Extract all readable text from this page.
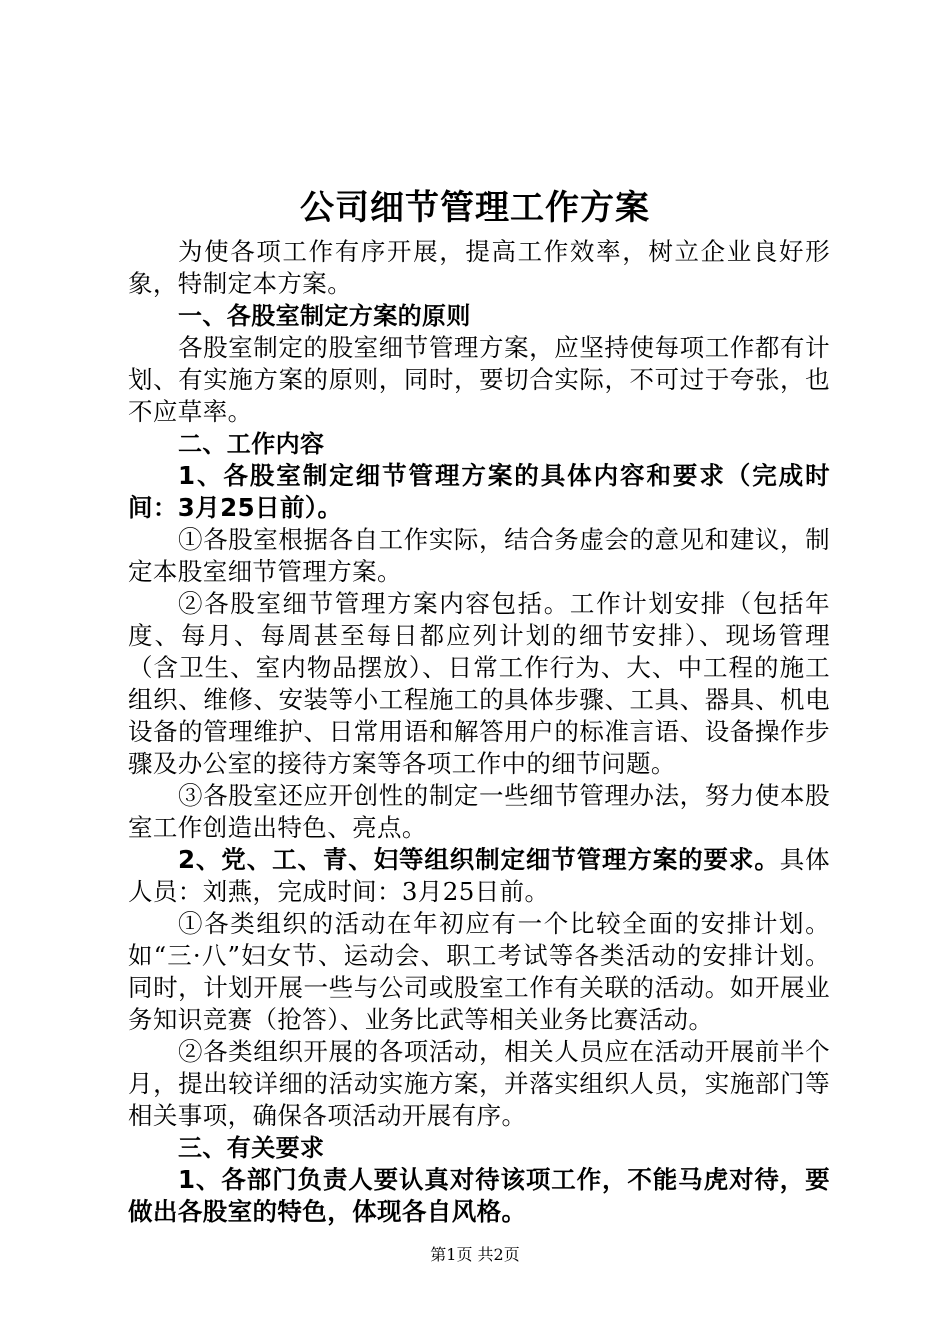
公司细节管理工作方案

为使各项工作有序开展，提高工作效率，树立企业良好形象，特制定本方案。

一、各股室制定方案的原则

各股室制定的股室细节管理方案，应坚持使每项工作都有计划、有实施方案的原则，同时，要切合实际，不可过于夸张，也不应草率。

二、工作内容

1、各股室制定细节管理方案的具体内容和要求（完成时间：3月25日前）。

①各股室根据各自工作实际，结合务虚会的意见和建议，制定本股室细节管理方案。

②各股室细节管理方案内容包括。工作计划安排（包括年度、每月、每周甚至每日都应列计划的细节安排）、现场管理（含卫生、室内物品摆放）、日常工作行为、大、中工程的施工组织、维修、安装等小工程施工的具体步骤、工具、器具、机电设备的管理维护、日常用语和解答用户的标准言语、设备操作步骤及办公室的接待方案等各项工作中的细节问题。

③各股室还应开创性的制定一些细节管理办法，努力使本股室工作创造出特色、亮点。

2、党、工、青、妇等组织制定细节管理方案的要求。具体人员：刘燕，完成时间：3月25日前。

①各类组织的活动在年初应有一个比较全面的安排计划。如“三·八”妇女节、运动会、职工考试等各类活动的安排计划。同时，计划开展一些与公司或股室工作有关联的活动。如开展业务知识竞赛（抢答）、业务比武等相关业务比赛活动。

②各类组织开展的各项活动，相关人员应在活动开展前半个月，提出较详细的活动实施方案，并落实组织人员，实施部门等相关事项，确保各项活动开展有序。

三、有关要求

1、各部门负责人要认真对待该项工作，不能马虎对待，要做出各股室的特色，体现各自风格。

第1页 共2页
